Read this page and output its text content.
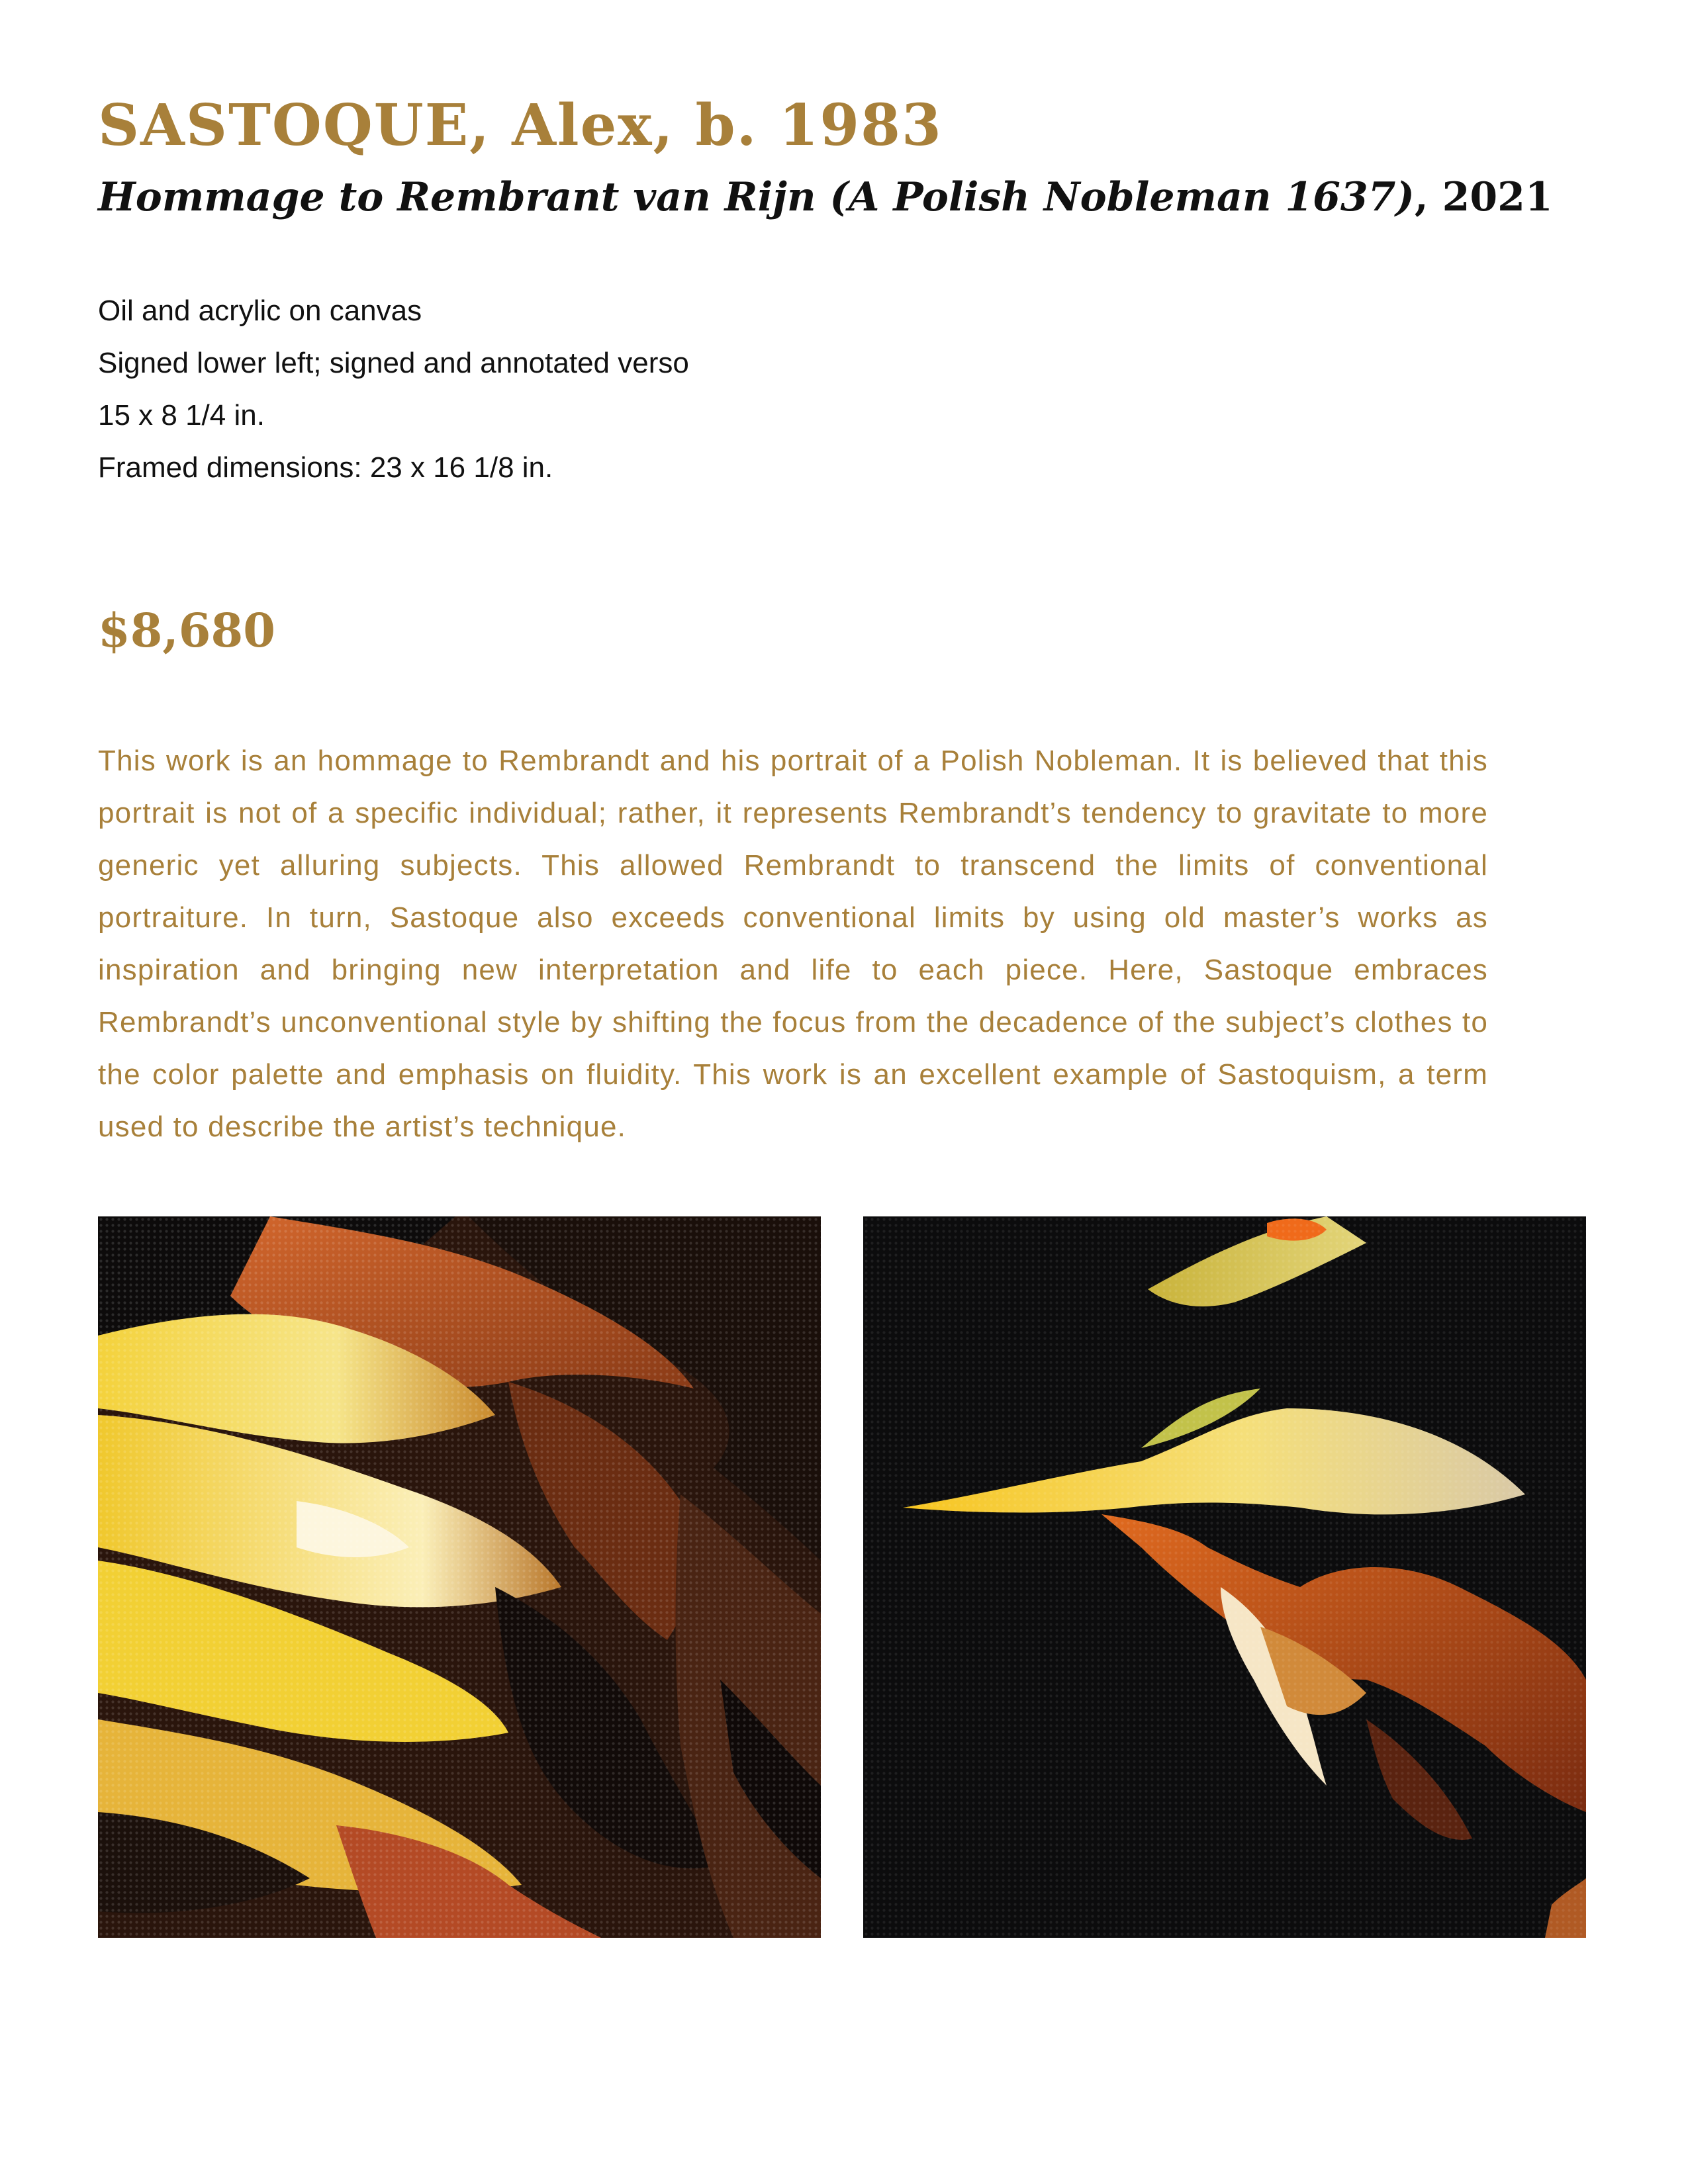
SASTOQUE, Alex, b. 1983
Hommage to Rembrant van Rijn (A Polish Nobleman 1637), 2021
Oil and acrylic on canvas
Signed lower left; signed and annotated verso
15 x 8 1/4 in.
Framed dimensions: 23 x 16 1/8 in.
$8,680

This work is an hommage to Rembrandt and his portrait of a Polish Nobleman. It is believed that this portrait is not of a specific individual; rather, it represents Rembrandt’s tendency to gravitate to more generic yet alluring subjects. This allowed Rembrandt to transcend the limits of conventional portraiture. In turn, Sastoque also exceeds conventional limits by using old master’s works as inspiration and bringing new interpretation and life to each piece. Here, Sastoque embraces Rembrandt’s unconventional style by shifting the focus from the decadence of the subject’s clothes to the color palette and emphasis on fluidity. This work is an excellent example of Sastoquism, a term used to describe the artist’s technique.
